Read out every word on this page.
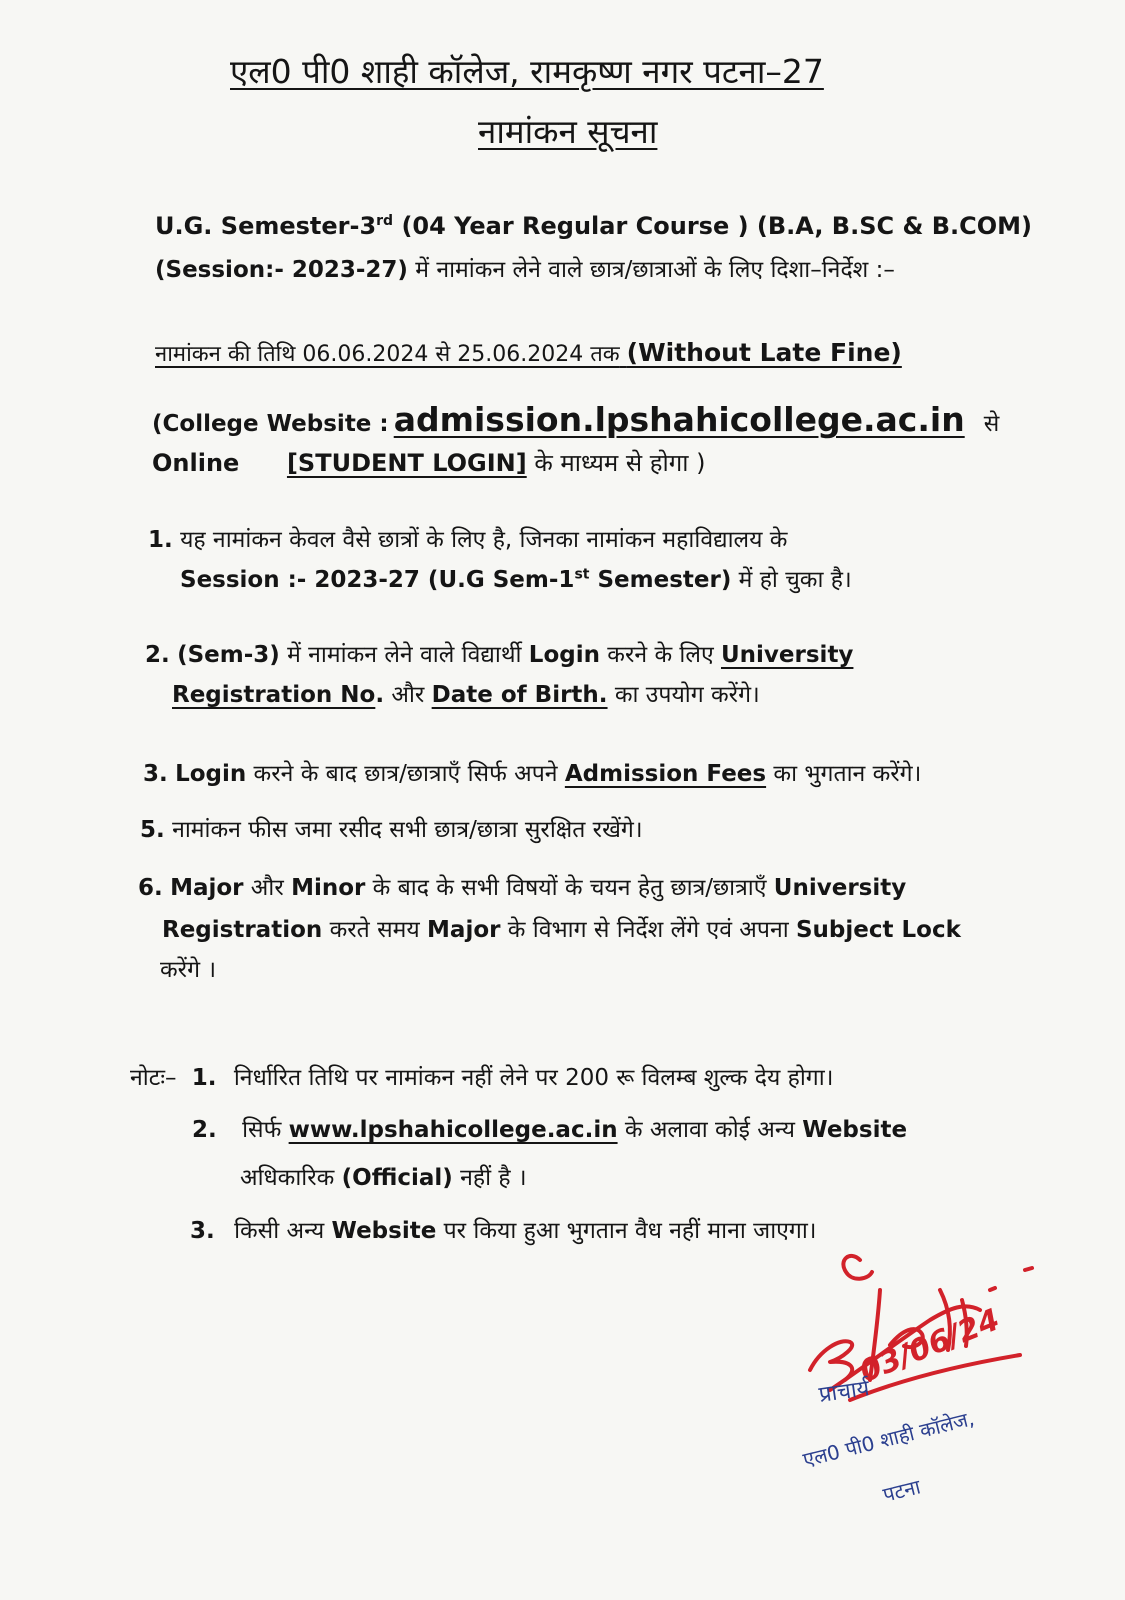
एल0 पी0 शाही कॉलेज, रामकृष्ण नगर पटना–27
नामांकन सूचना
U.G. Semester-3rd (04 Year Regular Course ) (B.A, B.SC & B.COM)
(Session:- 2023-27) में नामांकन लेने वाले छात्र/छात्राओं के लिए दिशा–निर्देश :–
नामांकन की तिथि 06.06.2024 से 25.06.2024 तक (Without Late Fine)
(College Website : admission.lpshahicollege.ac.in से
Online [STUDENT LOGIN] के माध्यम से होगा )
1. यह नामांकन केवल वैसे छात्रों के लिए है, जिनका नामांकन महाविद्यालय के
Session :- 2023-27 (U.G Sem-1st Semester) में हो चुका है।
2. (Sem-3) में नामांकन लेने वाले विद्यार्थी Login करने के लिए University
Registration No. और Date of Birth. का उपयोग करेंगे।
3. Login करने के बाद छात्र/छात्राएँ सिर्फ अपने Admission Fees का भुगतान करेंगे।
5. नामांकन फीस जमा रसीद सभी छात्र/छात्रा सुरक्षित रखेंगे।
6. Major और Minor के बाद के सभी विषयों के चयन हेतु छात्र/छात्राएँ University
Registration करते समय Major के विभाग से निर्देश लेंगे एवं अपना Subject Lock
करेंगे ।
नोटः– 1. निर्धारित तिथि पर नामांकन नहीं लेने पर 200 रू विलम्ब शुल्क देय होगा।
2. सिर्फ www.lpshahicollege.ac.in के अलावा कोई अन्य Website
अधिकारिक (Official) नहीं है ।
3. किसी अन्य Website पर किया हुआ भुगतान वैध नहीं माना जाएगा।
03/06/24
प्राचार्य
एल0 पी0 शाही कॉलेज,
पटना
